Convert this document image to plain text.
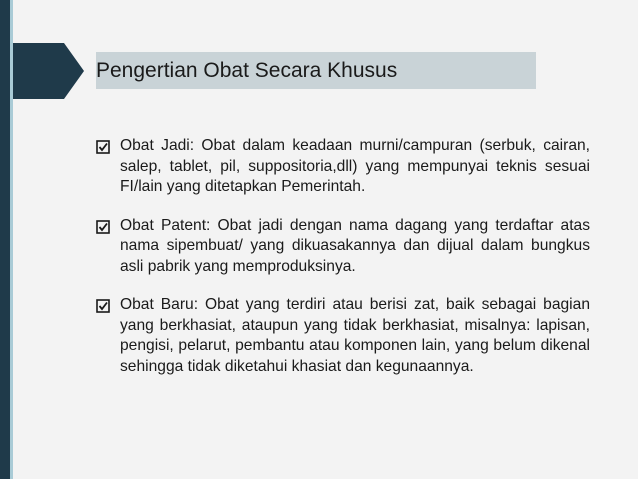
Pengertian Obat Secara Khusus
Obat Jadi: Obat dalam keadaan murni/campuran (serbuk, cairan, salep, tablet, pil, suppositoria,dll) yang mempunyai teknis sesuai FI/lain yang ditetapkan Pemerintah.
Obat Patent: Obat jadi dengan nama dagang yang terdaftar atas nama sipembuat/ yang dikuasakannya dan dijual dalam bungkus asli pabrik yang memproduksinya.
Obat Baru: Obat yang terdiri atau berisi zat, baik sebagai bagian yang berkhasiat, ataupun yang tidak berkhasiat, misalnya: lapisan, pengisi, pelarut, pembantu atau komponen lain, yang belum dikenal sehingga tidak diketahui khasiat dan kegunaannya.
